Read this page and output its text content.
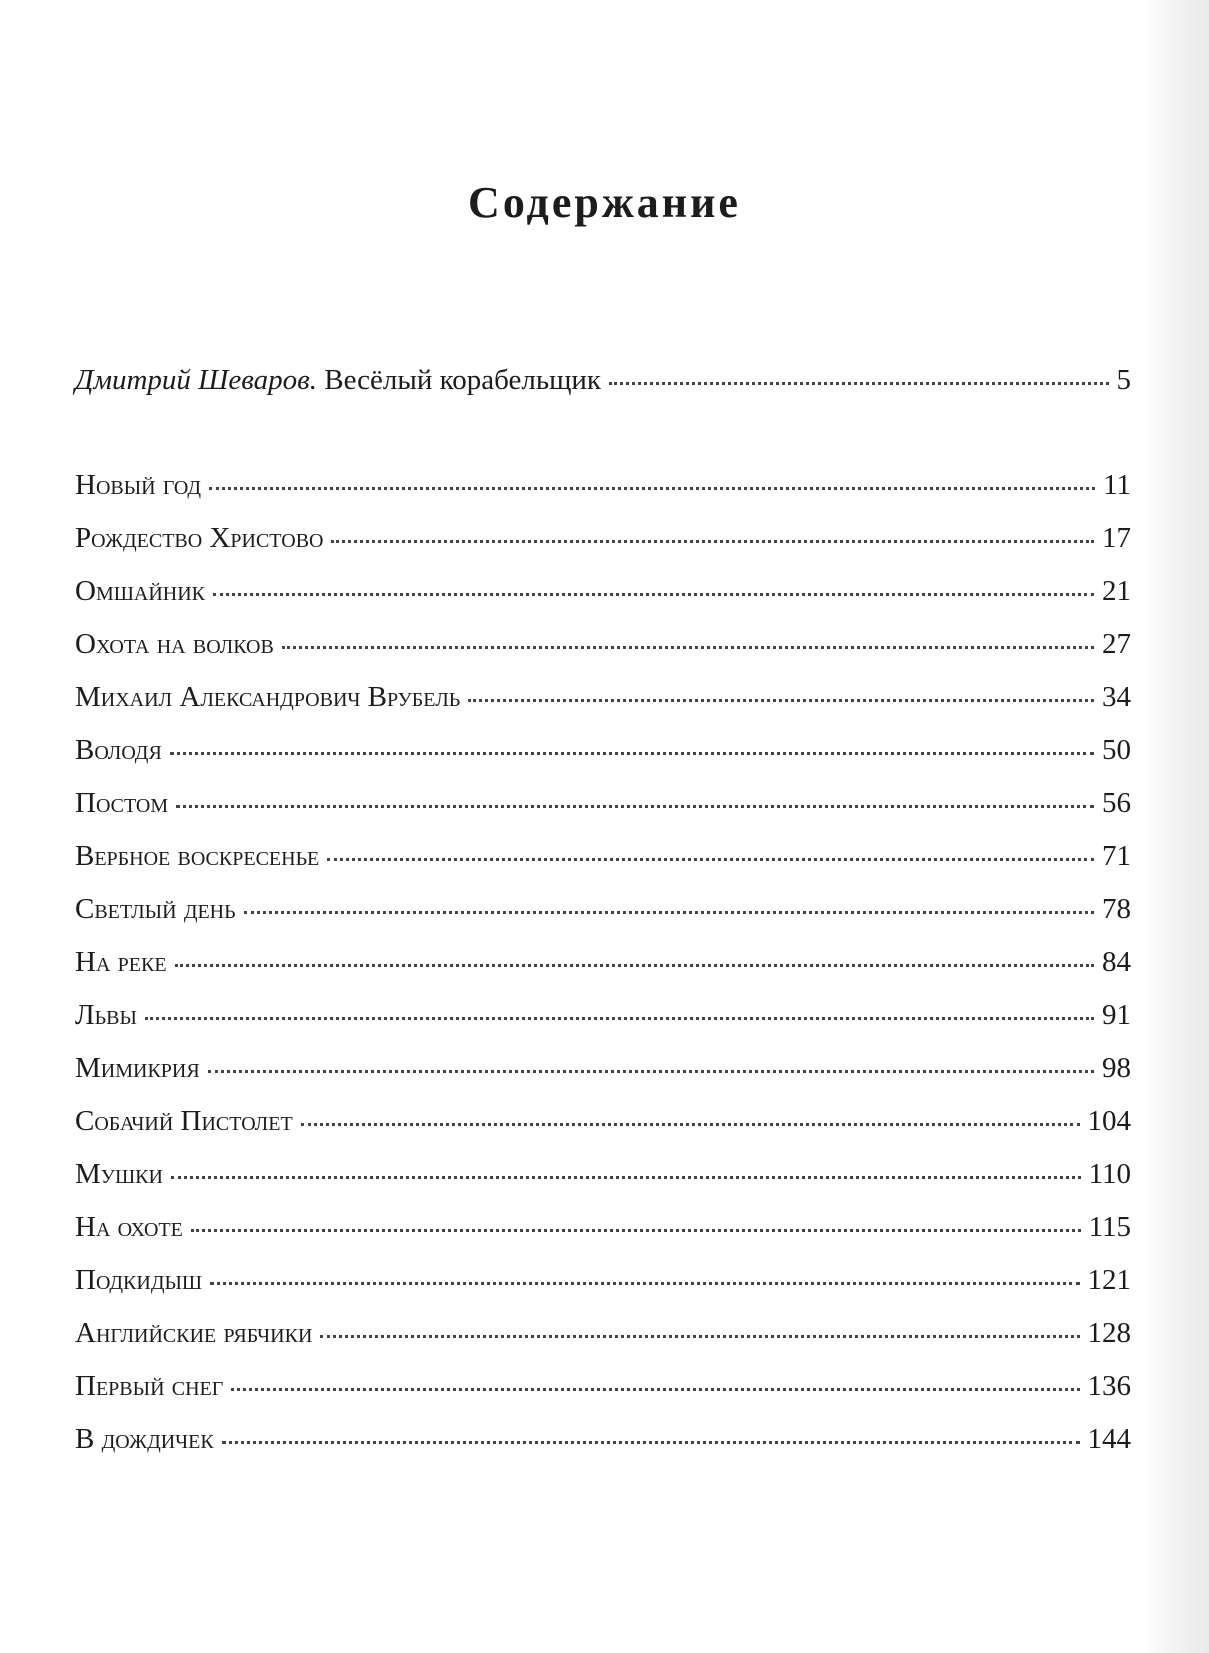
Содержание
Дмитрий Шеваров. Весёлый корабельщик	5
Новый год	11
Рождество Христово	17
Омшайник	21
Охота на волков	27
Михаил Александрович Врубель	34
Володя	50
Постом	56
Вербное воскресенье	71
Светлый день	78
На реке	84
Львы	91
Мимикрия	98
Собачий Пистолет	104
Мушки	110
На охоте	115
Подкидыш	121
Английские рябчики	128
Первый снег	136
В дождичек	144
